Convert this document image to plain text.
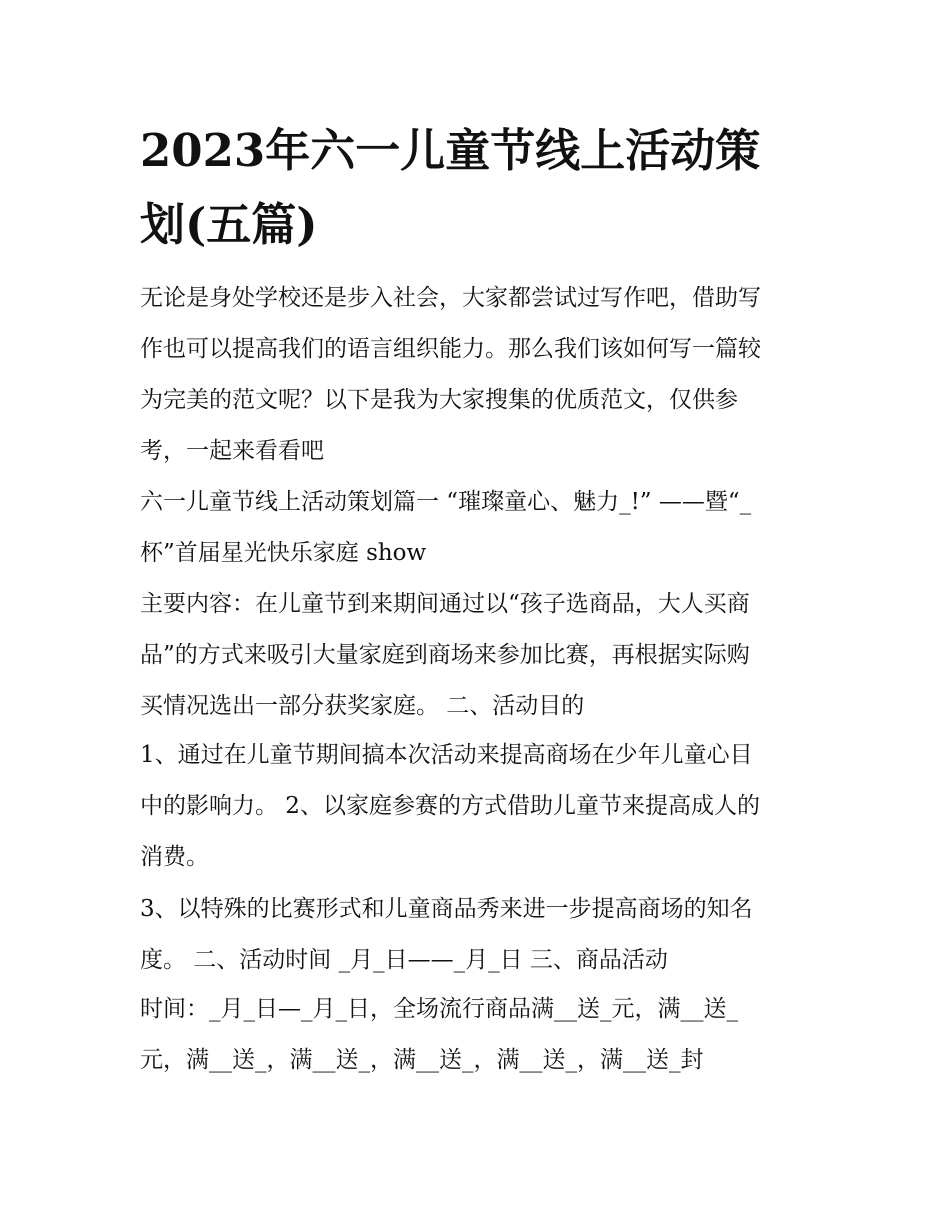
2023年六一儿童节线上活动策
划(五篇)
无论是身处学校还是步入社会，大家都尝试过写作吧，借助写
作也可以提高我们的语言组织能力。那么我们该如何写一篇较
为完美的范文呢？以下是我为大家搜集的优质范文，仅供参
考，一起来看看吧
六一儿童节线上活动策划篇一 “璀璨童心、魅力_!” ——暨“_
杯”首届星光快乐家庭 show
主要内容：在儿童节到来期间通过以“孩子选商品，大人买商
品”的方式来吸引大量家庭到商场来参加比赛，再根据实际购
买情况选出一部分获奖家庭。 二、活动目的
1、通过在儿童节期间搞本次活动来提高商场在少年儿童心目
中的影响力。 2、以家庭参赛的方式借助儿童节来提高成人的
消费。
3、以特殊的比赛形式和儿童商品秀来进一步提高商场的知名
度。 二、活动时间 _月_日——_月_日 三、商品活动
时间：_月_日—_月_日，全场流行商品满__送_元，满__送_
元，满__送_，满__送_，满__送_，满__送_，满__送_封
